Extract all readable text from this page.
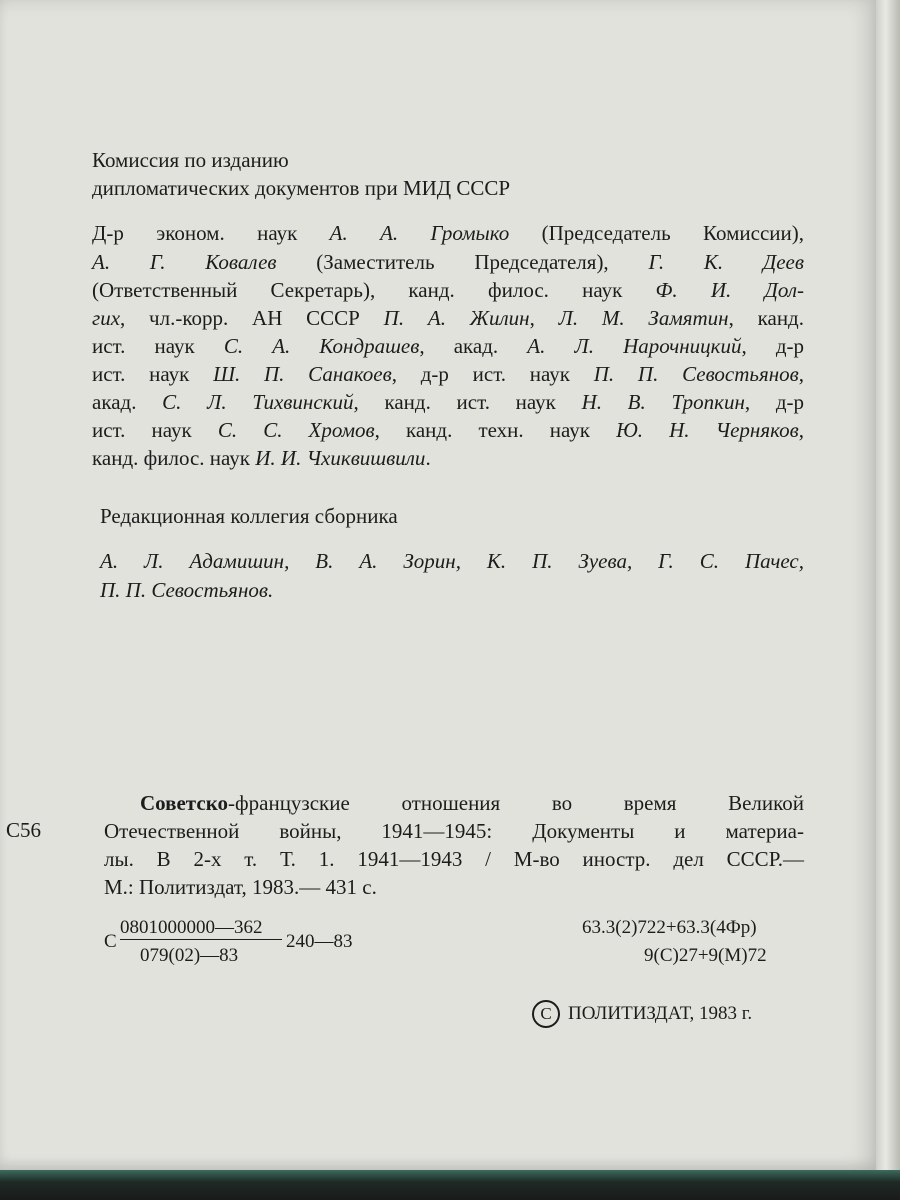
Комиссия по изданию
дипломатических документов при МИД СССР
Д-р эконом. наук А. А. Громыко (Председатель Комиссии),
А. Г. Ковалев (Заместитель Председателя), Г. К. Деев
(Ответственный Секретарь), канд. филос. наук Ф. И. Дол-
гих, чл.-корр. АН СССР П. А. Жилин, Л. М. Замятин, канд.
ист. наук С. А. Кондрашев, акад. А. Л. Нарочницкий, д-р
ист. наук Ш. П. Санакоев, д-р ист. наук П. П. Севостьянов,
акад. С. Л. Тихвинский, канд. ист. наук Н. В. Тропкин, д-р
ист. наук С. С. Хромов, канд. техн. наук Ю. Н. Черняков,
канд. филос. наук И. И. Чхиквишвили.
Редакционная коллегия сборника
А. Л. Адамишин, В. А. Зорин, К. П. Зуева, Г. С. Пачес,
П. П. Севостьянов.
С56
Советско-французские отношения во время Великой
Отечественной войны, 1941—1945: Документы и материа-
лы. В 2-х т. Т. 1. 1941—1943 / М-во иностр. дел СССР.—
М.: Политиздат, 1983.— 431 с.
С
0801000000—362
079(02)—83
240—83
63.3(2)722+63.3(4Фр)
9(С)27+9(М)72
C ПОЛИТИЗДАТ, 1983 г.
